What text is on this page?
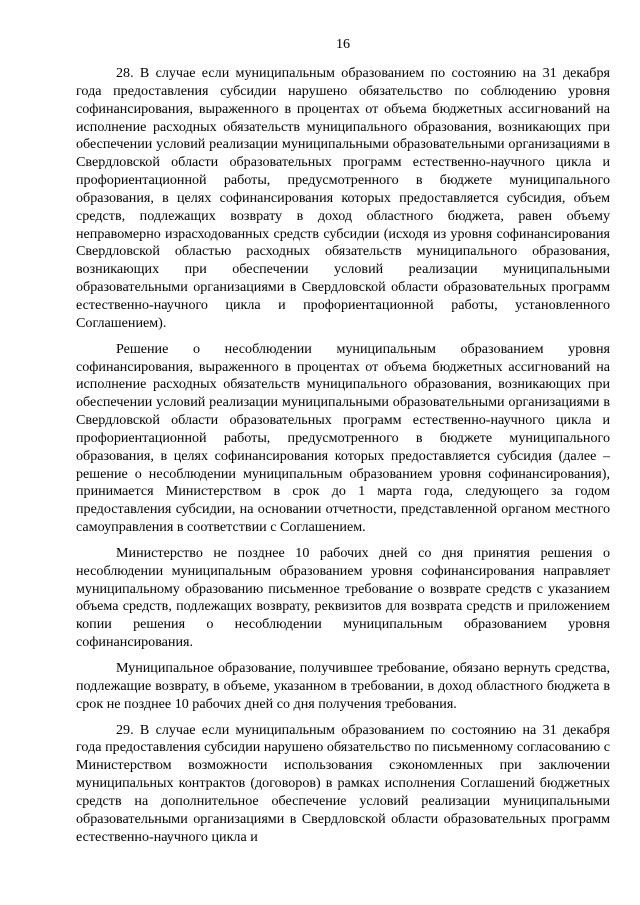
16

28. В случае если муниципальным образованием по состоянию на 31 декабря года предоставления субсидии нарушено обязательство по соблюдению уровня софинансирования, выраженного в процентах от объема бюджетных ассигнований на исполнение расходных обязательств муниципального образования, возникающих при обеспечении условий реализации муниципальными образовательными организациями в Свердловской области образовательных программ естественно-научного цикла и профориентационной работы, предусмотренного в бюджете муниципального образования, в целях софинансирования которых предоставляется субсидия, объем средств, подлежащих возврату в доход областного бюджета, равен объему неправомерно израсходованных средств субсидии (исходя из уровня софинансирования Свердловской областью расходных обязательств муниципального образования, возникающих при обеспечении условий реализации муниципальными образовательными организациями в Свердловской области образовательных программ естественно-научного цикла и профориентационной работы, установленного Соглашением).

Решение о несоблюдении муниципальным образованием уровня софинансирования, выраженного в процентах от объема бюджетных ассигнований на исполнение расходных обязательств муниципального образования, возникающих при обеспечении условий реализации муниципальными образовательными организациями в Свердловской области образовательных программ естественно-научного цикла и профориентационной работы, предусмотренного в бюджете муниципального образования, в целях софинансирования которых предоставляется субсидия (далее – решение о несоблюдении муниципальным образованием уровня софинансирования), принимается Министерством в срок до 1 марта года, следующего за годом предоставления субсидии, на основании отчетности, представленной органом местного самоуправления в соответствии с Соглашением.

Министерство не позднее 10 рабочих дней со дня принятия решения о несоблюдении муниципальным образованием уровня софинансирования направляет муниципальному образованию письменное требование о возврате средств с указанием объема средств, подлежащих возврату, реквизитов для возврата средств и приложением копии решения о несоблюдении муниципальным образованием уровня софинансирования.

Муниципальное образование, получившее требование, обязано вернуть средства, подлежащие возврату, в объеме, указанном в требовании, в доход областного бюджета в срок не позднее 10 рабочих дней со дня получения требования.

29. В случае если муниципальным образованием по состоянию на 31 декабря года предоставления субсидии нарушено обязательство по письменному согласованию с Министерством возможности использования сэкономленных при заключении муниципальных контрактов (договоров) в рамках исполнения Соглашений бюджетных средств на дополнительное обеспечение условий реализации муниципальными образовательными организациями в Свердловской области образовательных программ естественно-научного цикла и
